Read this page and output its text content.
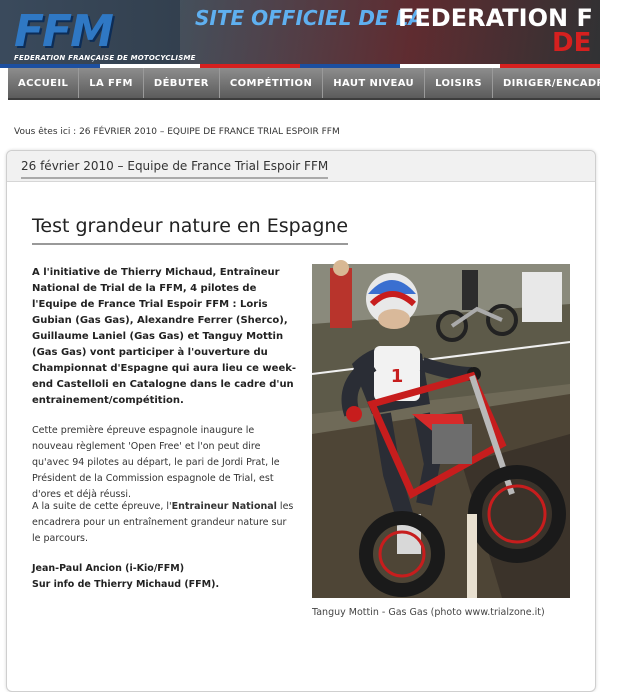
FFM
FEDERATION FRANÇAISE DE MOTOCYCLISME
SITE OFFICIEL DE LA
FEDERATION F
DE
ACCUEIL	LA FFM	DÉBUTER	COMPÉTITION	HAUT NIVEAU	LOISIRS	DIRIGER/ENCADRER
Vous êtes ici : 26 FÉVRIER 2010 – EQUIPE DE FRANCE TRIAL ESPOIR FFM
26 février 2010 – Equipe de France Trial Espoir FFM
Test grandeur nature en Espagne
A l'initiative de Thierry Michaud, Entraîneur National de Trial de la FFM, 4 pilotes de l'Equipe de France Trial Espoir FFM : Loris Gubian (Gas Gas), Alexandre Ferrer (Sherco), Guillaume Laniel (Gas Gas) et Tanguy Mottin (Gas Gas) vont participer à l'ouverture du Championnat d'Espagne qui aura lieu ce week-end Castelloli en Catalogne dans le cadre d'un entrainement/compétition.
Cette première épreuve espagnole inaugure le nouveau règlement 'Open Free' et l'on peut dire qu'avec 94 pilotes au départ, le pari de Jordi Prat, le Président de la Commission espagnole de Trial, est d'ores et déjà réussi.
A la suite de cette épreuve, l'Entraineur National les encadrera pour un entraînement grandeur nature sur le parcours.
Jean-Paul Ancion (i-Kio/FFM)
Sur info de Thierry Michaud (FFM).
1
Tanguy Mottin - Gas Gas (photo www.trialzone.it)
